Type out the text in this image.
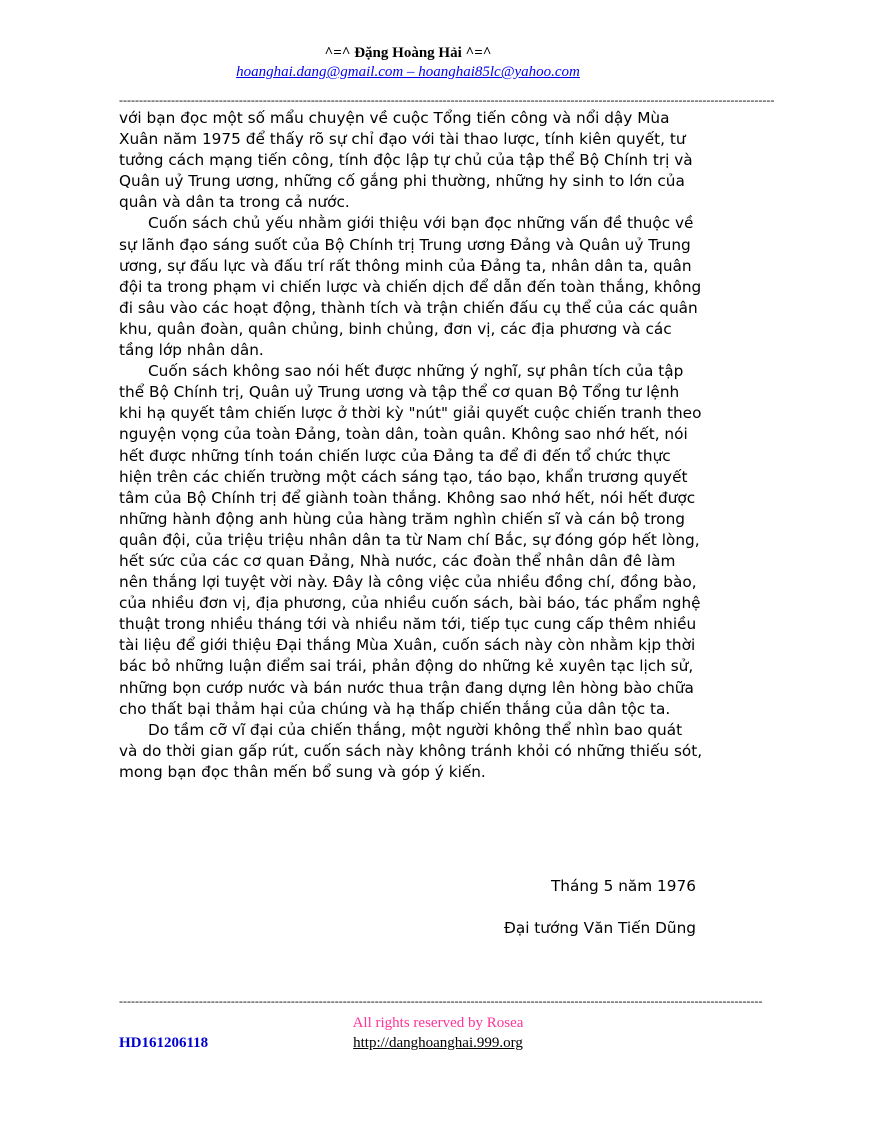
^=^ Đặng Hoàng Hải ^=^
hoanghai.dang@gmail.com – hoanghai85lc@yahoo.com
--------------------------------------------------------------------------------------------------------------------------------------------------------------------

với bạn đọc một số mẩu chuyện về cuộc Tổng tiến công và nổi dậy Mùa Xuân năm 1975 để thấy rõ sự chỉ đạo với tài thao lược, tính kiên quyết, tư tưởng cách mạng tiến công, tính độc lập tự chủ của tập thể Bộ Chính trị và Quân uỷ Trung ương, những cố gắng phi thường, những hy sinh to lớn của quân và dân ta trong cả nước.

Cuốn sách chủ yếu nhằm giới thiệu với bạn đọc những vấn đề thuộc về sự lãnh đạo sáng suốt của Bộ Chính trị Trung ương Đảng và Quân uỷ Trung ương, sự đấu lực và đấu trí rất thông minh của Đảng ta, nhân dân ta, quân đội ta trong phạm vi chiến lược và chiến dịch để dẫn đến toàn thắng, không đi sâu vào các hoạt động, thành tích và trận chiến đấu cụ thể của các quân khu, quân đoàn, quân chủng, binh chủng, đơn vị, các địa phương và các tầng lớp nhân dân.

Cuốn sách không sao nói hết được những ý nghĩ, sự phân tích của tập thể Bộ Chính trị, Quân uỷ Trung ương và tập thể cơ quan Bộ Tổng tư lệnh khi hạ quyết tâm chiến lược ở thời kỳ "nút" giải quyết cuộc chiến tranh theo nguyện vọng của toàn Đảng, toàn dân, toàn quân. Không sao nhớ hết, nói hết được những tính toán chiến lược của Đảng ta để đi đến tổ chức thực hiện trên các chiến trường một cách sáng tạo, táo bạo, khẩn trương quyết tâm của Bộ Chính trị để giành toàn thắng. Không sao nhớ hết, nói hết được những hành động anh hùng của hàng trăm nghìn chiến sĩ và cán bộ trong quân đội, của triệu triệu nhân dân ta từ Nam chí Bắc, sự đóng góp hết lòng, hết sức của các cơ quan Đảng, Nhà nước, các đoàn thể nhân dân đê làm nên thắng lợi tuyệt vời này. Đây là công việc của nhiều đồng chí, đồng bào, của nhiều đơn vị, địa phương, của nhiều cuốn sách, bài báo, tác phẩm nghệ thuật trong nhiều tháng tới và nhiều năm tới, tiếp tục cung cấp thêm nhiều tài liệu để giới thiệu Đại thắng Mùa Xuân, cuốn sách này còn nhằm kịp thời bác bỏ những luận điểm sai trái, phản động do những kẻ xuyên tạc lịch sử, những bọn cướp nước và bán nước thua trận đang dựng lên hòng bào chữa cho thất bại thảm hại của chúng và hạ thấp chiến thắng của dân tộc ta.

Do tầm cỡ vĩ đại của chiến thắng, một người không thể nhìn bao quát và do thời gian gấp rút, cuốn sách này không tránh khỏi có những thiếu sót, mong bạn đọc thân mến bổ sung và góp ý kiến.

Tháng 5 năm 1976
Đại tướng Văn Tiến Dũng
-----------------------------------------------------------------------------------------------------------------------------------------------------------------
All rights reserved by Rosea
HD161206118	http://danghoanghai.999.org
